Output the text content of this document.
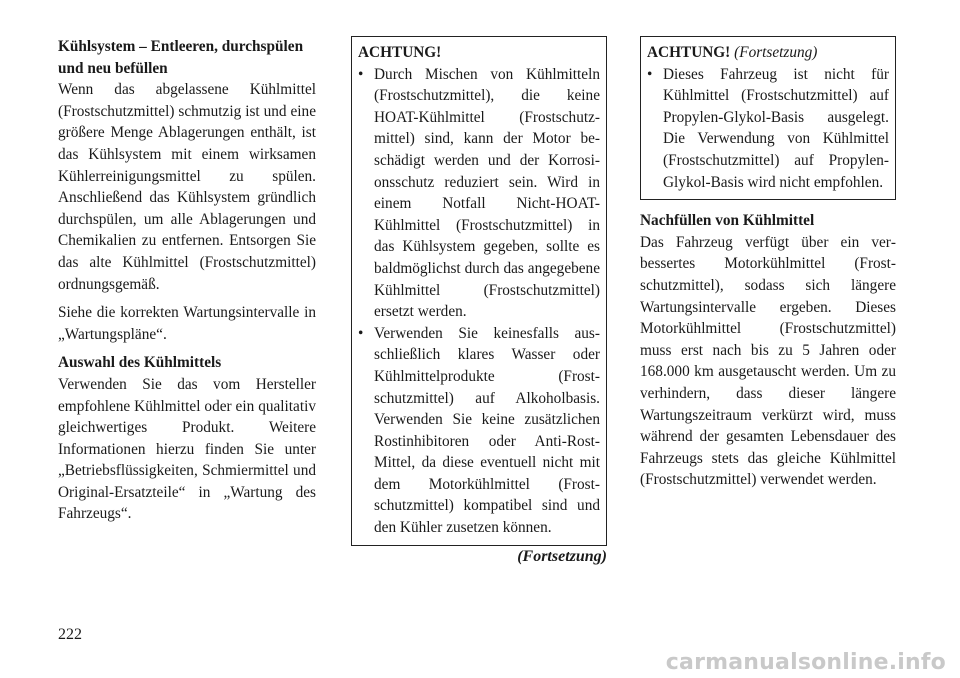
Kühlsystem – Entleeren, durchspülen und neu befüllen

Wenn das abgelassene Kühlmittel (Frostschutzmittel) schmutzig ist und eine größere Menge Ablagerungen enthält, ist das Kühlsystem mit einem wirksamen Kühlerreinigungsmittel zu spülen. Anschließend das Kühlsystem gründlich durchspülen, um alle Ablagerungen und Chemikalien zu entfernen. Entsorgen Sie das alte Kühlmittel (Frostschutzmittel) ordnungsgemäß.

Siehe die korrekten Wartungsintervalle in „Wartungspläne“.

Auswahl des Kühlmittels

Verwenden Sie das vom Hersteller empfohlene Kühlmittel oder ein qualitativ gleichwertiges Produkt. Weitere Informationen hierzu finden Sie unter „Betriebsflüssigkeiten, Schmiermittel und Original-Ersatzteile“ in „Wartung des Fahrzeugs“.

ACHTUNG!
• Durch Mischen von Kühlmitteln (Frostschutzmittel), die keine HOAT-Kühlmittel (Frostschutzmittel) sind, kann der Motor beschädigt werden und der Korrosionsschutz reduziert sein. Wird in einem Notfall Nicht-HOAT-Kühlmittel (Frostschutzmittel) in das Kühlsystem gegeben, sollte es baldmöglichst durch das angegebene Kühlmittel (Frostschutzmittel) ersetzt werden.
• Verwenden Sie keinesfalls ausschließlich klares Wasser oder Kühlmittelprodukte (Frostschutzmittel) auf Alkoholbasis. Verwenden Sie keine zusätzlichen Rostinhibitoren oder Anti-Rost-Mittel, da diese eventuell nicht mit dem Motorkühlmittel (Frostschutzmittel) kompatibel sind und den Kühler zusetzen können.
(Fortsetzung)
ACHTUNG! (Fortsetzung)
• Dieses Fahrzeug ist nicht für Kühlmittel (Frostschutzmittel) auf Propylen-Glykol-Basis ausgelegt. Die Verwendung von Kühlmittel (Frostschutzmittel) auf Propylen-Glykol-Basis wird nicht empfohlen.
Nachfüllen von Kühlmittel

Das Fahrzeug verfügt über ein verbessertes Motorkühlmittel (Frostschutzmittel), sodass sich längere Wartungsintervalle ergeben. Dieses Motorkühlmittel (Frostschutzmittel) muss erst nach bis zu 5 Jahren oder 168.000 km ausgetauscht werden. Um zu verhindern, dass dieser längere Wartungszeitraum verkürzt wird, muss während der gesamten Lebensdauer des Fahrzeugs stets das gleiche Kühlmittel (Frostschutzmittel) verwendet werden.

222
carmanualsonline.info
